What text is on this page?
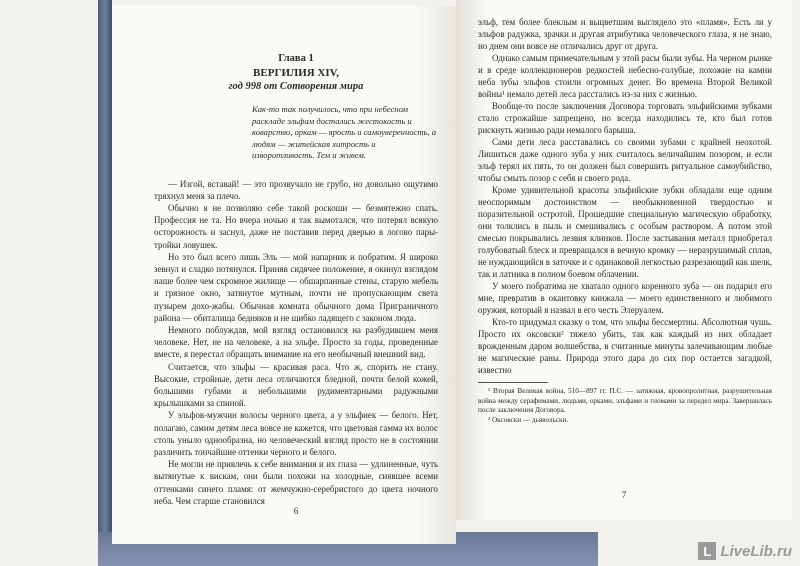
Глава 1

ВЕРГИЛИЯ XIV,

год 998 от Сотворения мира

Как-то так получилось, что при небесном раскладе эльфам достались жестокость и коварство, оркам — ярость и самоуверенность, а людям — житейская хитрость и изворотливость. Тем и живем.

— Изгой, вставай! — это прозвучало не грубо, но довольно ощутимо тряхнул меня за плечо.

Обычно я не позволяю себе такой роскоши — безмятежно спать. Профессия не та. Но вчера ночью я так вымотался, что потерял всякую осторожность и заснул, даже не поставив перед дверью в логово пары-тройки ловушек.

Но это был всего лишь Эль — мой напарник и побратим. Я широко зевнул и сладко потянулся. Приняв сидячее положение, я окинул взглядом наше более чем скромное жилище — обшарпанные стены, старую мебель и грязное окно, затянутое мутным, почти не пропускающим света пузырем дохо-жабы. Обычная комната обычного дома Приграничного района — обиталища бедняков и не шибко ладящего с законом люда.

Немного поблуждав, мой взгляд остановился на разбудившем меня человеке. Нет, не на человеке, а на эльфе. Просто за годы, проведенные вместе, я перестал обращать внимание на его необычный внешний вид.

Считается, что эльфы — красивая раса. Что ж, спорить не стану. Высокие, стройные, дети леса отличаются бледной, почти белой кожей, большими губами и небольшими рудиментарными радужными крылышками за спиной.

У эльфов-мужчин волосы черного цвета, а у эльфиек — белого. Нет, полагаю, самим детям леса вовсе не кажется, что цветовая гамма их волос столь уныло однообразна, но человеческий взгляд просто не в состоянии различить тончайшие оттенки черного и белого.

Не могли не привлечь к себе внимания и их глаза — удлиненные, чуть вытянутые к вискам, они были похожи на холодные, сиявшее всеми оттенками синего пламя: от жемчужно-серебристого до цвета ночного неба. Чем старше становился

6

эльф, тем более блеклым и выцветшим выглядело это «пламя». Есть ли у эльфов радужка, зрачки и другая атрибутика человеческого глаза, я не знаю, но днем они вовсе не отличались друг от друга.

Однако самым примечательным у этой расы были зубы. На черном рынке и в среде коллекционеров редкостей небесно-голубые, похожие на камни неба зубы эльфов стоили огромных денег. Во времена Второй Великой войны¹ немало детей леса расстались из-за них с жизнью.

Вообще-то после заключения Договора торговать эльфийскими зубками стало строжайше запрещено, но всегда находились те, кто был готов рискнуть жизнью ради немалого барыша.

Сами дети леса расставались со своими зубами с крайней неохотой. Лишиться даже одного зуба у них считалось величайшим позором, и если эльф терял их пять, то он должен был совершить ритуальное самоубийство, чтобы смыть позор с себя и своего рода.

Кроме удивительной красоты эльфийские зубки обладали еще одним неоспоримым достоинством — необыкновенной твердостью и поразительной остротой. Прошедшие специальную магическую обработку, они толклись в пыль и смешивались с особым раствором. А потом этой смесью покрывались лезвия клинков. После застывания металл приобретал голубоватый блеск и превращался в вечную кромку — неразрушимый сплав, не нуждающийся в заточке и с одинаковой легкостью разрезающий как шелк, так и латника в полном боевом облачении.

У моего побратима не хватало одного коренного зуба — он подарил его мне, превратив в окантовку кинжала — моего единственного и любимого оружия, который я назвал в его честь Элеруалем.

Кто-то придумал сказку о том, что эльфы бессмертны. Абсолютная чушь. Просто их оксовски² тяжело убить, так как каждый из них обладает врожденным даром волшебства, в считанные минуты залечивающим любые не магические раны. Природа этого дара до сих пор остается загадкой, известно

¹ Вторая Великая война, 510—897 гг. П.С. — затяжная, кровопролитная, разрушительная война между серафимами, людьми, орками, эльфами и гномами за передел мира. Завершилась после заключения Договора.

² Оксовски — дьявольски.

7
L LiveLib.ru
